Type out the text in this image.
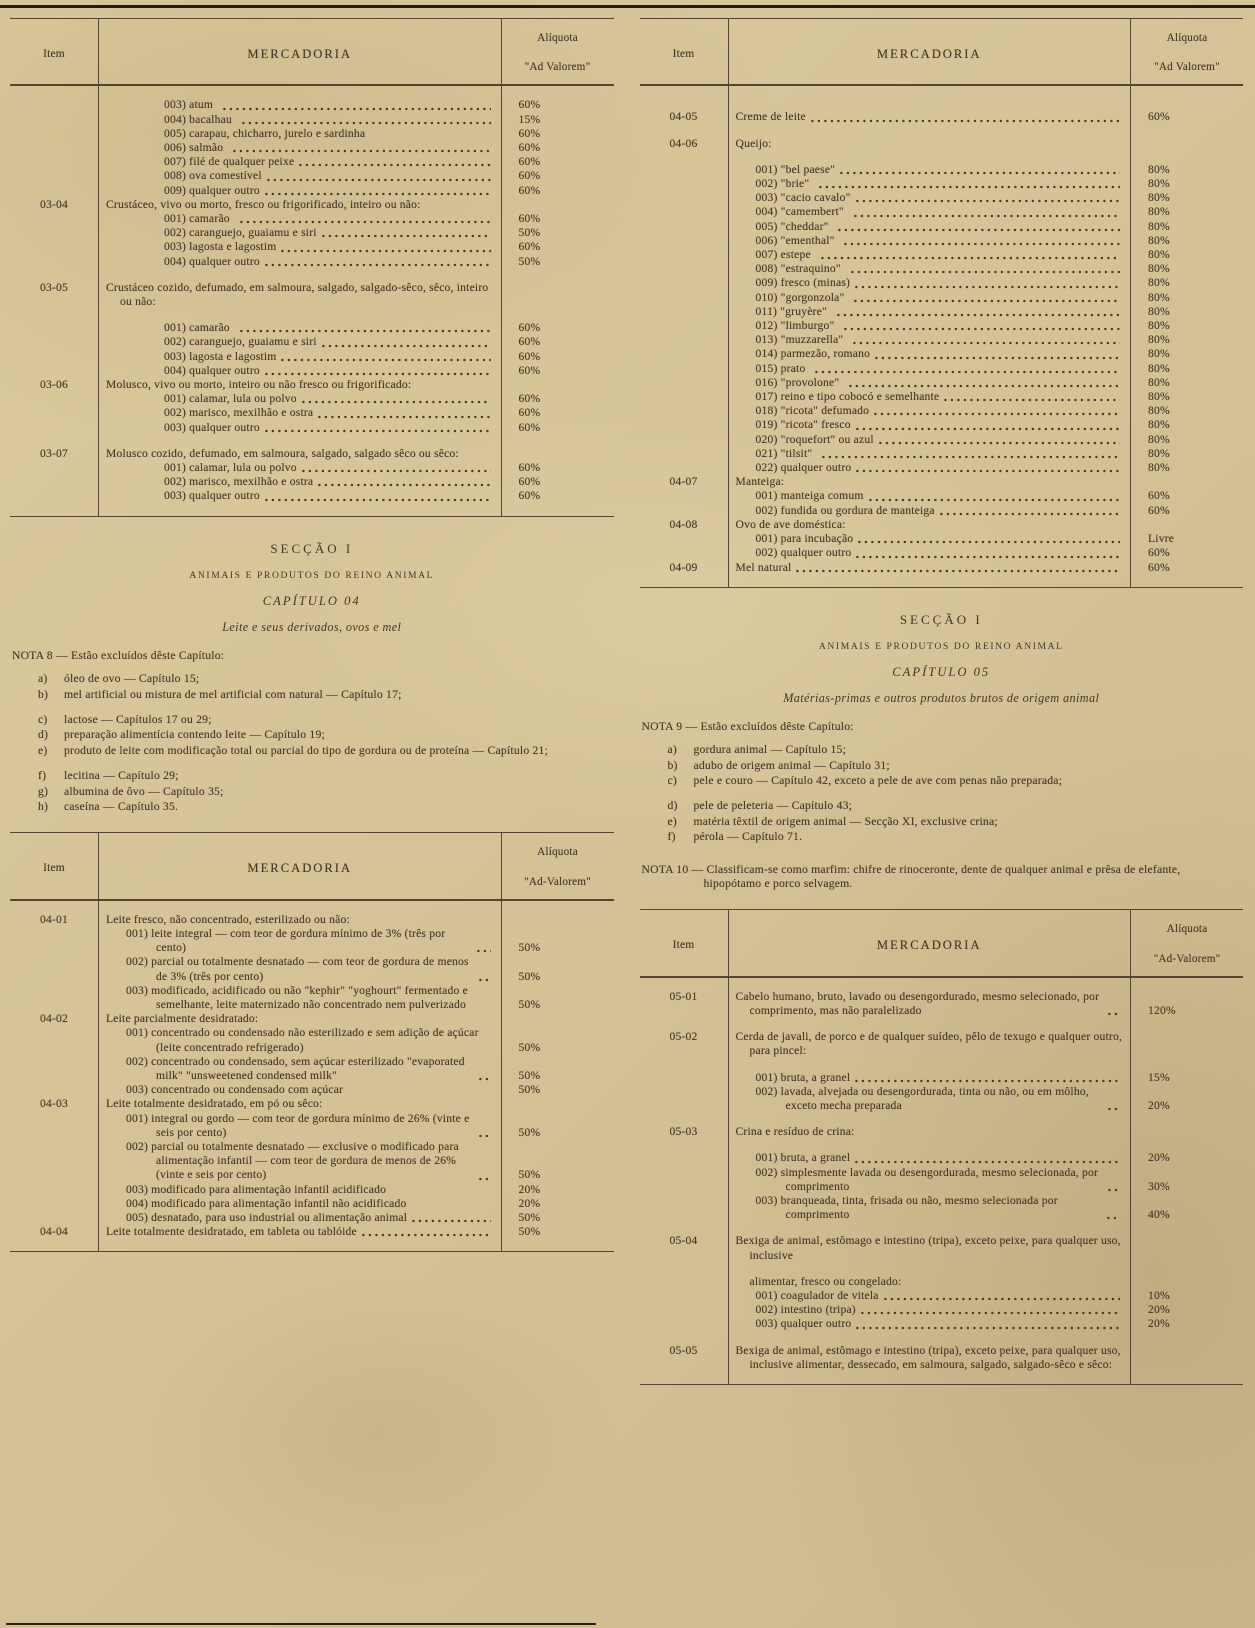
Item	MERCADORIA
Alíquota
"Ad Valorem"
003) atum	60%
004) bacalhau	15%
005) carapau, chicharro, jurelo e sardinha	60%
006) salmão	60%
007) filé de qualquer peixe	60%
008) ova comestível	60%
009) qualquer outro	60%
03-04	Crustáceo, vivo ou morto, fresco ou frigorificado, inteiro ou não:
001) camarão	60%
002) caranguejo, guaiamu e siri	50%
003) lagosta e lagostim	60%
004) qualquer outro	50%
03-05	Crustáceo cozido, defumado, em salmoura, salgado, salgado-sêco, sêco, inteiro ou não:
001) camarão	60%
002) caranguejo, guaiamu e siri	60%
003) lagosta e lagostim	60%
004) qualquer outro	60%
03-06	Molusco, vivo ou morto, inteiro ou não fresco ou frigorificado:
001) calamar, lula ou polvo	60%
002) marisco, mexilhão e ostra	60%
003) qualquer outro	60%
03-07	Molusco cozido, defumado, em salmoura, salgado, salgado sêco ou sêco:
001) calamar, lula ou polvo	60%
002) marisco, mexilhão e ostra	60%
003) qualquer outro	60%
SECÇÃO I
ANIMAIS E PRODUTOS DO REINO ANIMAL
CAPÍTULO 04
Leite e seus derivados, ovos e mel
NOTA 8 — Estão excluídos dêste Capítulo:
a)	óleo de ovo — Capítulo 15;
b)	mel artificial ou mistura de mel artificial com natural — Capítulo 17;
c)	lactose — Capítulos 17 ou 29;
d)	preparação alimentícia contendo leite — Capítulo 19;
e)	produto de leite com modificação total ou parcial do tipo de gordura ou de proteína — Capítulo 21;
f)	lecitina — Capítulo 29;
g)	albumina de ôvo — Capítulo 35;
h)	caseína — Capítulo 35.
Item	MERCADORIA
Alíquota
"Ad-Valorem"
04-01	Leite fresco, não concentrado, esterilizado ou não:
001) leite integral — com teor de gordura mínimo de 3% (três por cento)	50%
002) parcial ou totalmente desnatado — com teor de gordura de menos de 3% (três por cento)	50%
003) modificado, acidificado ou não "kephir" "yoghourt" fermentado e semelhante, leite maternizado não concentrado nem pulverizado	50%
04-02	Leite parcialmente desidratado:
001) concentrado ou condensado não esterilizado e sem adição de açúcar (leite concentrado refrigerado)	50%
002) concentrado ou condensado, sem açúcar esterilizado "evaporated milk" "unsweetened condensed milk"	50%
003) concentrado ou condensado com açúcar	50%
04-03	Leite totalmente desidratado, em pó ou sêco:
001) integral ou gordo — com teor de gordura mínimo de 26% (vinte e seis por cento)	50%
002) parcial ou totalmente desnatado — exclusive o modificado para alimentação infantil — com teor de gordura de menos de 26% (vinte e seis por cento)	50%
003) modificado para alimentação infantil acidificado	20%
004) modificado para alimentação infantil não acidificado	20%
005) desnatado, para uso industrial ou alimentação animal	50%
04-04	Leite totalmente desidratado, em tableta ou tablóide	50%
Item	MERCADORIA
Alíquota
"Ad Valorem"
04-05	Creme de leite	60%
04-06	Queijo:
001) "bel paese"	80%
002) "brie"	80%
003) "cacio cavalo"	80%
004) "camembert"	80%
005) "cheddar"	80%
006) "ementhal"	80%
007) estepe	80%
008) "estraquino"	80%
009) fresco (minas)	80%
010) "gorgonzola"	80%
011) "gruyère"	80%
012) "limburgo"	80%
013) "muzzarella"	80%
014) parmezão, romano	80%
015) prato	80%
016) "provolone"	80%
017) reino e tipo cobocó e semelhante	80%
018) "ricota" defumado	80%
019) "ricota" fresco	80%
020) "roquefort" ou azul	80%
021) "tilsit"	80%
022) qualquer outro	80%
04-07	Manteiga:
001) manteiga comum	60%
002) fundida ou gordura de manteiga	60%
04-08	Ovo de ave doméstica:
001) para incubação	Livre
002) qualquer outro	60%
04-09	Mel natural	60%
SECÇÃO I
ANIMAIS E PRODUTOS DO REINO ANIMAL
CAPÍTULO 05
Matérias-primas e outros produtos brutos de origem animal
NOTA 9 — Estão excluídos dêste Capítulo:
a)	gordura animal — Capítulo 15;
b)	adubo de origem animal — Capítulo 31;
c)	pele e couro — Capítulo 42, exceto a pele de ave com penas não preparada;
d)	pele de peleteria — Capítulo 43;
e)	matéria têxtil de origem animal — Secção XI, exclusive crina;
f)	pérola — Capítulo 71.
NOTA 10 — Classificam-se como marfim: chifre de rinoceronte, dente de qualquer animal e prêsa de elefante, hipopótamo e porco selvagem.
Item	MERCADORIA
Alíquota
"Ad-Valorem"
05-01	Cabelo humano, bruto, lavado ou desengordurado, mesmo selecionado, por comprimento, mas não paralelizado	120%
05-02	Cerda de javali, de porco e de qualquer suídeo, pêlo de texugo e qualquer outro, para pincel:
001) bruta, a granel	15%
002) lavada, alvejada ou desengordurada, tinta ou não, ou em môlho, exceto mecha preparada	20%
05-03	Crina e resíduo de crina:
001) bruta, a granel	20%
002) simplesmente lavada ou desengordurada, mesmo selecionada, por comprimento	30%
003) branqueada, tinta, frisada ou não, mesmo selecionada por comprimento	40%
05-04	Bexiga de animal, estômago e intestino (tripa), exceto peixe, para qualquer uso, inclusive
alimentar, fresco ou congelado:
001) coagulador de vitela	10%
002) intestino (tripa)	20%
003) qualquer outro	20%
05-05	Bexiga de animal, estômago e intestino (tripa), exceto peixe, para qualquer uso, inclusive alimentar, dessecado, em salmoura, salgado, salgado-sêco e sêco:
